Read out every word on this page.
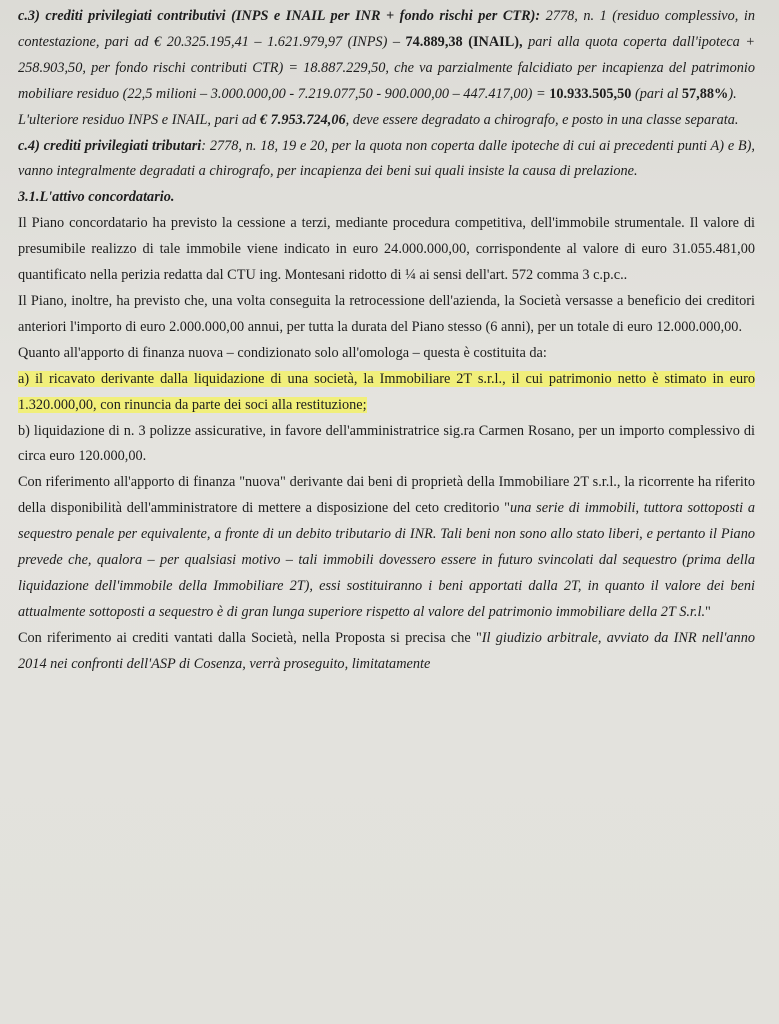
c.3) crediti privilegiati contributivi (INPS e INAIL per INR + fondo rischi per CTR): 2778, n. 1 (residuo complessivo, in contestazione, pari ad € 20.325.195,41 – 1.621.979,97 (INPS) – 74.889,38 (INAIL), pari alla quota coperta dall'ipoteca + 258.903,50, per fondo rischi contributi CTR) = 18.887.229,50, che va parzialmente falcidiato per incapienza del patrimonio mobiliare residuo (22,5 milioni – 3.000.000,00 - 7.219.077,50 - 900.000,00 – 447.417,00) = 10.933.505,50 (pari al 57,88%).

L'ulteriore residuo INPS e INAIL, pari ad € 7.953.724,06, deve essere degradato a chirografo, e posto in una classe separata.

c.4) crediti privilegiati tributari: 2778, n. 18, 19 e 20, per la quota non coperta dalle ipoteche di cui ai precedenti punti A) e B), vanno integralmente degradati a chirografo, per incapienza dei beni sui quali insiste la causa di prelazione.

3.1.L'attivo concordatario.

Il Piano concordatario ha previsto la cessione a terzi, mediante procedura competitiva, dell'immobile strumentale. Il valore di presumibile realizzo di tale immobile viene indicato in euro 24.000.000,00, corrispondente al valore di euro 31.055.481,00 quantificato nella perizia redatta dal CTU ing. Montesani ridotto di ¼ ai sensi dell'art. 572 comma 3 c.p.c..

Il Piano, inoltre, ha previsto che, una volta conseguita la retrocessione dell'azienda, la Società versasse a beneficio dei creditori anteriori l'importo di euro 2.000.000,00 annui, per tutta la durata del Piano stesso (6 anni), per un totale di euro 12.000.000,00.

Quanto all'apporto di finanza nuova – condizionato solo all'omologa – questa è costituita da:

a) il ricavato derivante dalla liquidazione di una società, la Immobiliare 2T s.r.l., il cui patrimonio netto è stimato in euro 1.320.000,00, con rinuncia da parte dei soci alla restituzione;

b) liquidazione di n. 3 polizze assicurative, in favore dell'amministratrice sig.ra Carmen Rosano, per un importo complessivo di circa euro 120.000,00.

Con riferimento all'apporto di finanza "nuova" derivante dai beni di proprietà della Immobiliare 2T s.r.l., la ricorrente ha riferito della disponibilità dell'amministratore di mettere a disposizione del ceto creditorio "una serie di immobili, tuttora sottoposti a sequestro penale per equivalente, a fronte di un debito tributario di INR. Tali beni non sono allo stato liberi, e pertanto il Piano prevede che, qualora – per qualsiasi motivo – tali immobili dovessero essere in futuro svincolati dal sequestro (prima della liquidazione dell'immobile della Immobiliare 2T), essi sostituiranno i beni apportati dalla 2T, in quanto il valore dei beni attualmente sottoposti a sequestro è di gran lunga superiore rispetto al valore del patrimonio immobiliare della 2T S.r.l."

Con riferimento ai crediti vantati dalla Società, nella Proposta si precisa che "Il giudizio arbitrale, avviato da INR nell'anno 2014 nei confronti dell'ASP di Cosenza, verrà proseguito, limitatamente
